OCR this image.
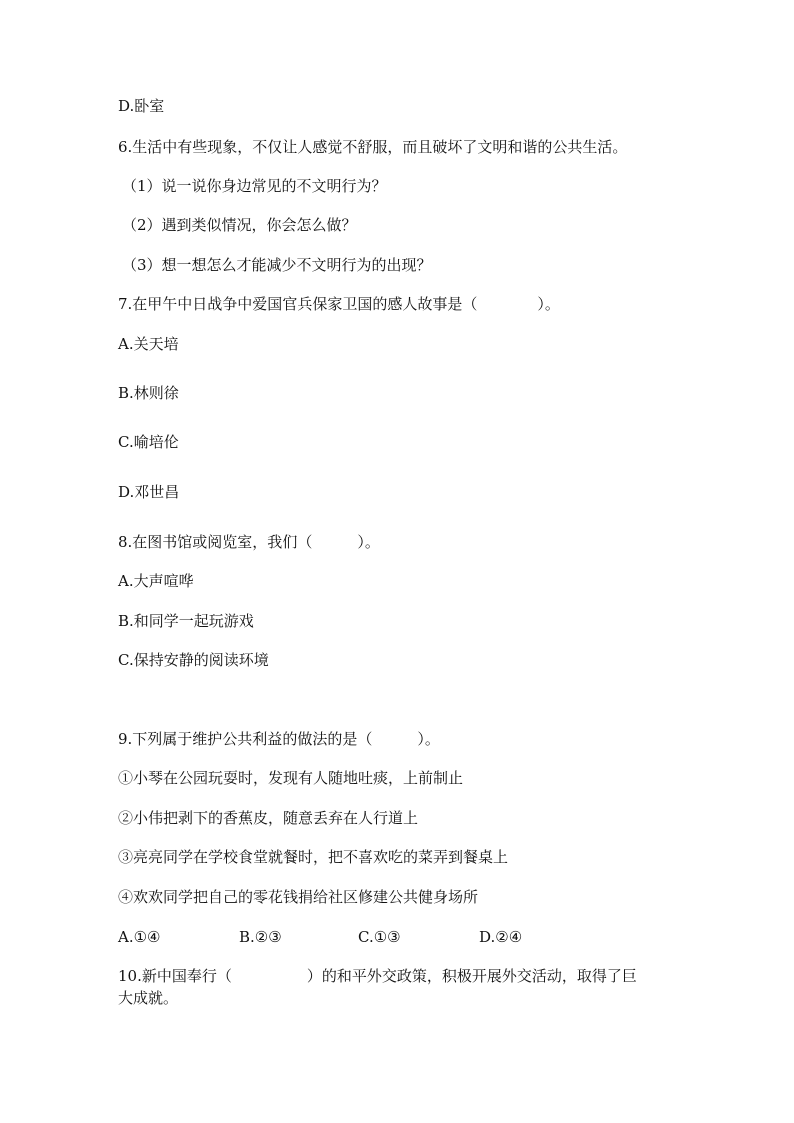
D.卧室

6.生活中有些现象，不仅让人感觉不舒服，而且破坏了文明和谐的公共生活。

（1）说一说你身边常见的不文明行为？

（2）遇到类似情况，你会怎么做？

（3）想一想怎么才能减少不文明行为的出现？

7.在甲午中日战争中爱国官兵保家卫国的感人故事是（　　　　）。

A.关天培

B.林则徐

C.喻培伦

D.邓世昌

8.在图书馆或阅览室，我们（　　　）。

A.大声喧哗

B.和同学一起玩游戏

C.保持安静的阅读环境

9.下列属于维护公共利益的做法的是（　　　）。

①小琴在公园玩耍时，发现有人随地吐痰，上前制止

②小伟把剥下的香蕉皮，随意丢弃在人行道上

③亮亮同学在学校食堂就餐时，把不喜欢吃的菜弄到餐桌上

④欢欢同学把自己的零花钱捐给社区修建公共健身场所

A.①④	B.②③	C.①③	D.②④

10.新中国奉行（　　　　　）的和平外交政策，积极开展外交活动，取得了巨

大成就。
